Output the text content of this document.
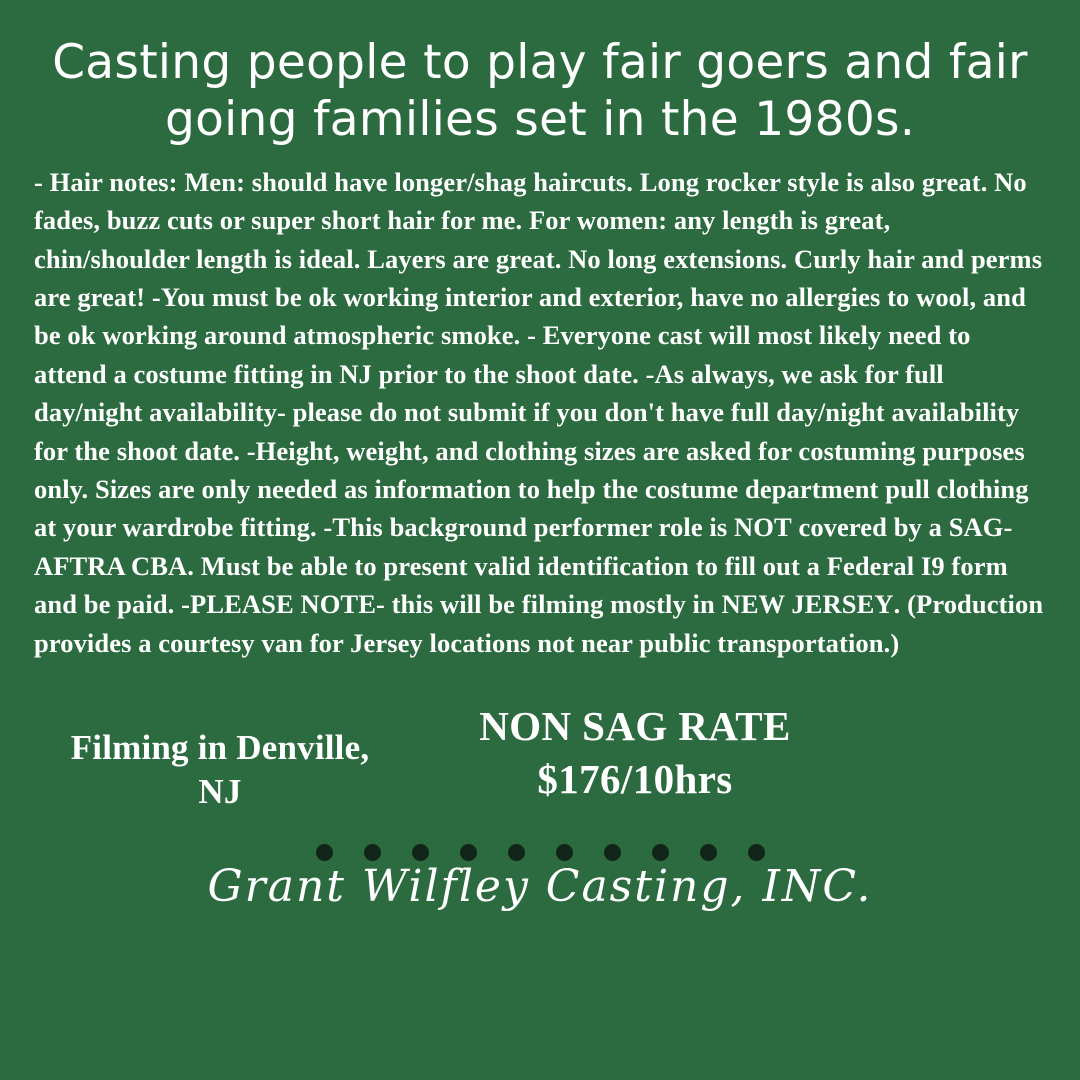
Casting people to play fair goers and fair going families set in the 1980s.
- Hair notes: Men: should have longer/shag haircuts. Long rocker style is also great. No fades, buzz cuts or super short hair for me. For women: any length is great, chin/shoulder length is ideal. Layers are great. No long extensions. Curly hair and perms are great! -You must be ok working interior and exterior, have no allergies to wool, and be ok working around atmospheric smoke. - Everyone cast will most likely need to attend a costume fitting in NJ prior to the shoot date. -As always, we ask for full day/night availability- please do not submit if you don't have full day/night availability for the shoot date. -Height, weight, and clothing sizes are asked for costuming purposes only. Sizes are only needed as information to help the costume department pull clothing at your wardrobe fitting. -This background performer role is NOT covered by a SAG-AFTRA CBA. Must be able to present valid identification to fill out a Federal I9 form and be paid. -PLEASE NOTE- this will be filming mostly in NEW JERSEY. (Production provides a courtesy van for Jersey locations not near public transportation.)
Filming in Denville, NJ
NON SAG RATE
$176/10hrs
Grant Wilfley Casting, INC.
